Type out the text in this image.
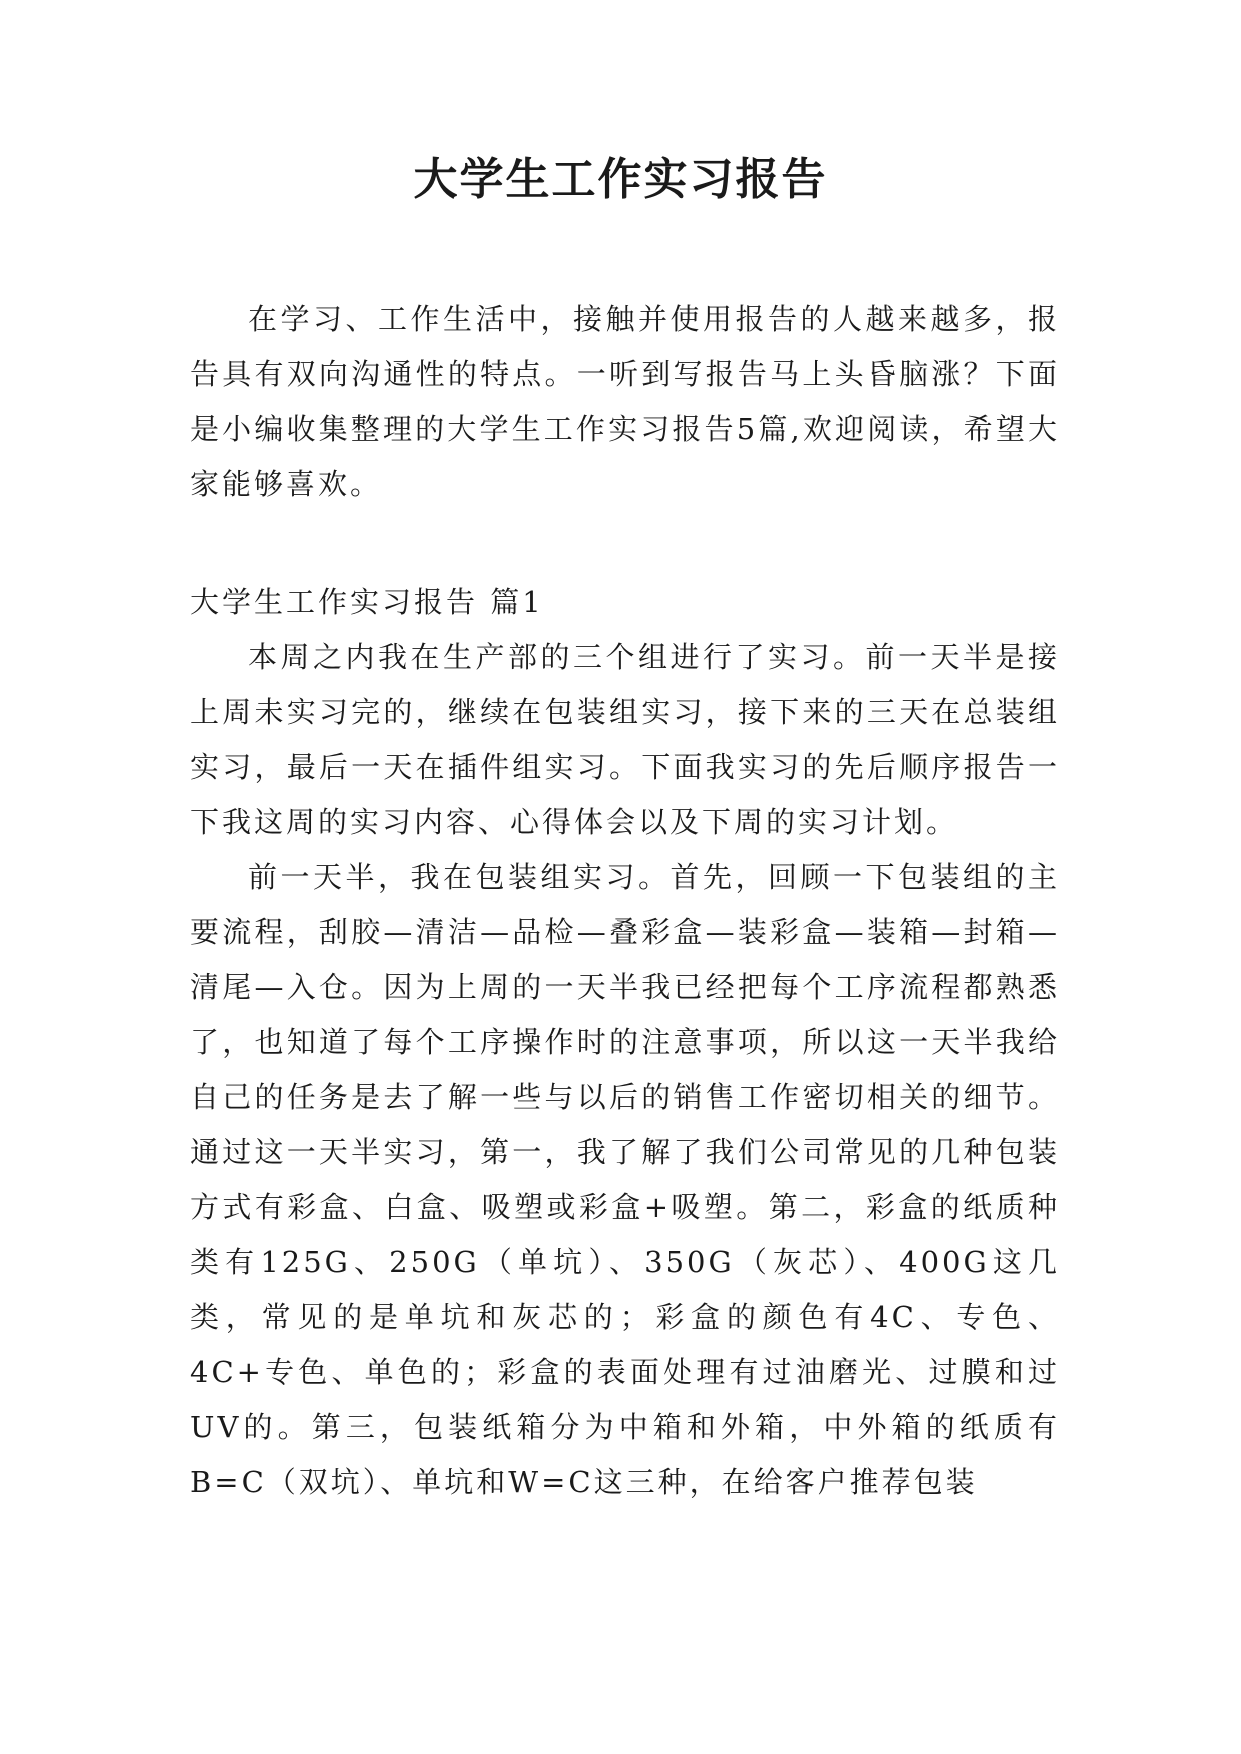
大学生工作实习报告

在学习、工作生活中，接触并使用报告的人越来越多，报告具有双向沟通性的特点。一听到写报告马上头昏脑涨？下面是小编收集整理的大学生工作实习报告5篇,欢迎阅读，希望大家能够喜欢。

大学生工作实习报告 篇1

本周之内我在生产部的三个组进行了实习。前一天半是接上周未实习完的，继续在包装组实习，接下来的三天在总装组实习，最后一天在插件组实习。下面我实习的先后顺序报告一下我这周的实习内容、心得体会以及下周的实习计划。

前一天半，我在包装组实习。首先，回顾一下包装组的主要流程，刮胶—清洁—品检—叠彩盒—装彩盒—装箱—封箱—清尾—入仓。因为上周的一天半我已经把每个工序流程都熟悉了，也知道了每个工序操作时的注意事项，所以这一天半我给自己的任务是去了解一些与以后的销售工作密切相关的细节。通过这一天半实习，第一，我了解了我们公司常见的几种包装方式有彩盒、白盒、吸塑或彩盒+吸塑。第二，彩盒的纸质种类有125G、250G（单坑）、350G（灰芯）、400G这几类，常见的是单坑和灰芯的；彩盒的颜色有4C、专色、4C+专色、单色的；彩盒的表面处理有过油磨光、过膜和过UV的。第三，包装纸箱分为中箱和外箱，中外箱的纸质有B=C（双坑）、单坑和W=C这三种，在给客户推荐包装
